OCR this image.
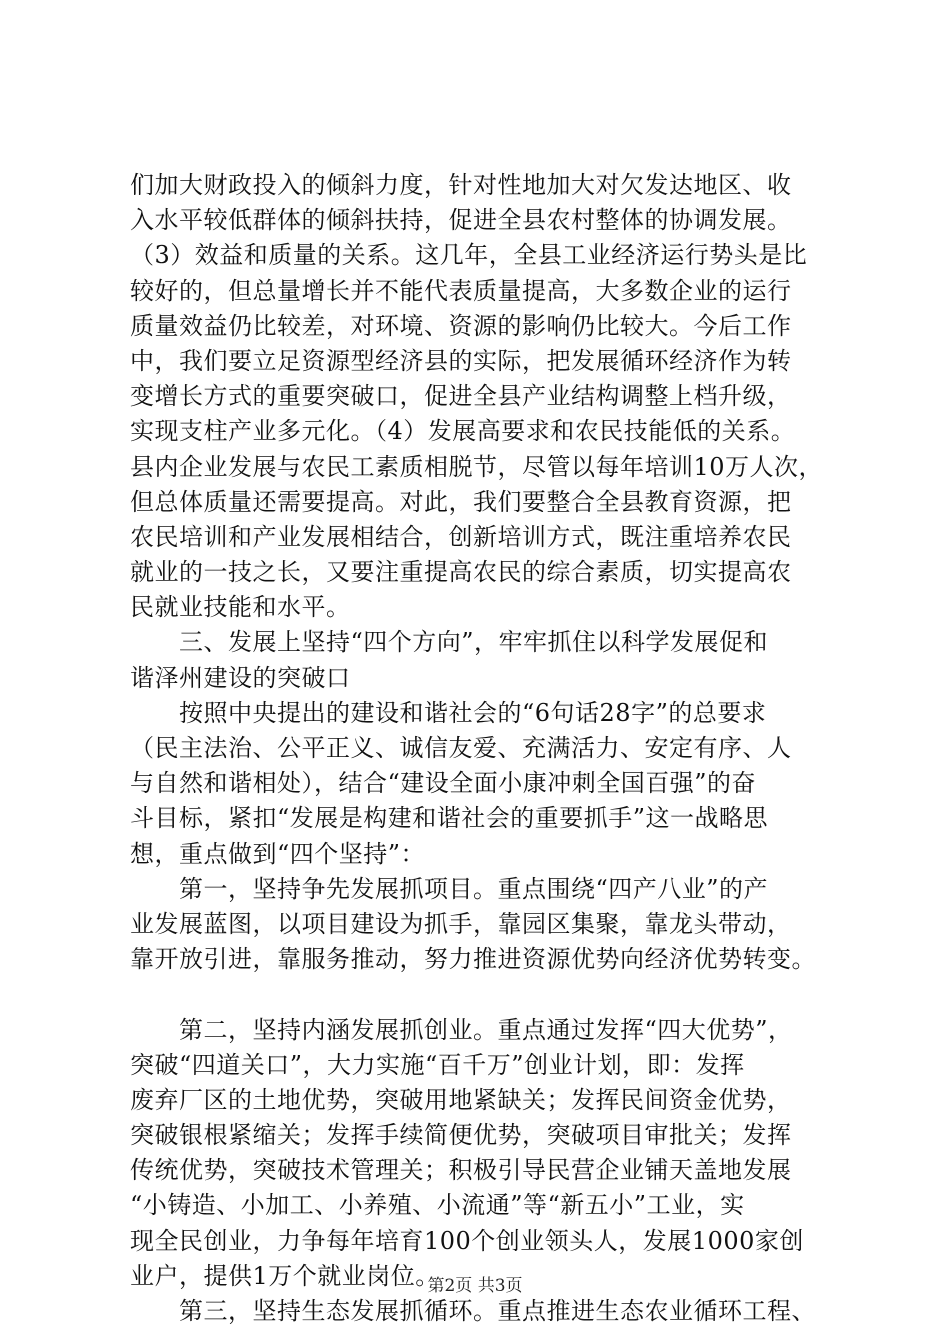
们加大财政投入的倾斜力度，针对性地加大对欠发达地区、收
入水平较低群体的倾斜扶持，促进全县农村整体的协调发展。
（3）效益和质量的关系。这几年，全县工业经济运行势头是比
较好的，但总量增长并不能代表质量提高，大多数企业的运行
质量效益仍比较差，对环境、资源的影响仍比较大。今后工作
中，我们要立足资源型经济县的实际，把发展循环经济作为转
变增长方式的重要突破口，促进全县产业结构调整上档升级，
实现支柱产业多元化。（4）发展高要求和农民技能低的关系。
县内企业发展与农民工素质相脱节，尽管以每年培训10万人次，
但总体质量还需要提高。对此，我们要整合全县教育资源，把
农民培训和产业发展相结合，创新培训方式，既注重培养农民
就业的一技之长，又要注重提高农民的综合素质，切实提高农
民就业技能和水平。
　　三、发展上坚持“四个方向”，牢牢抓住以科学发展促和
谐泽州建设的突破口
　　按照中央提出的建设和谐社会的“6句话28字”的总要求
（民主法治、公平正义、诚信友爱、充满活力、安定有序、人
与自然和谐相处），结合“建设全面小康冲刺全国百强”的奋
斗目标，紧扣“发展是构建和谐社会的重要抓手”这一战略思
想，重点做到“四个坚持”：
　　第一，坚持争先发展抓项目。重点围绕“四产八业”的产
业发展蓝图，以项目建设为抓手，靠园区集聚，靠龙头带动，
靠开放引进，靠服务推动，努力推进资源优势向经济优势转变。
　　第二，坚持内涵发展抓创业。重点通过发挥“四大优势”，
突破“四道关口”，大力实施“百千万”创业计划，即：发挥
废弃厂区的土地优势，突破用地紧缺关；发挥民间资金优势，
突破银根紧缩关；发挥手续简便优势，突破项目审批关；发挥
传统优势，突破技术管理关；积极引导民营企业铺天盖地发展
“小铸造、小加工、小养殖、小流通”等“新五小”工业，实
现全民创业，力争每年培育100个创业领头人，发展1000家创
业户，提供1万个就业岗位。
　　第三，坚持生态发展抓循环。重点推进生态农业循环工程、
第2页 共3页
